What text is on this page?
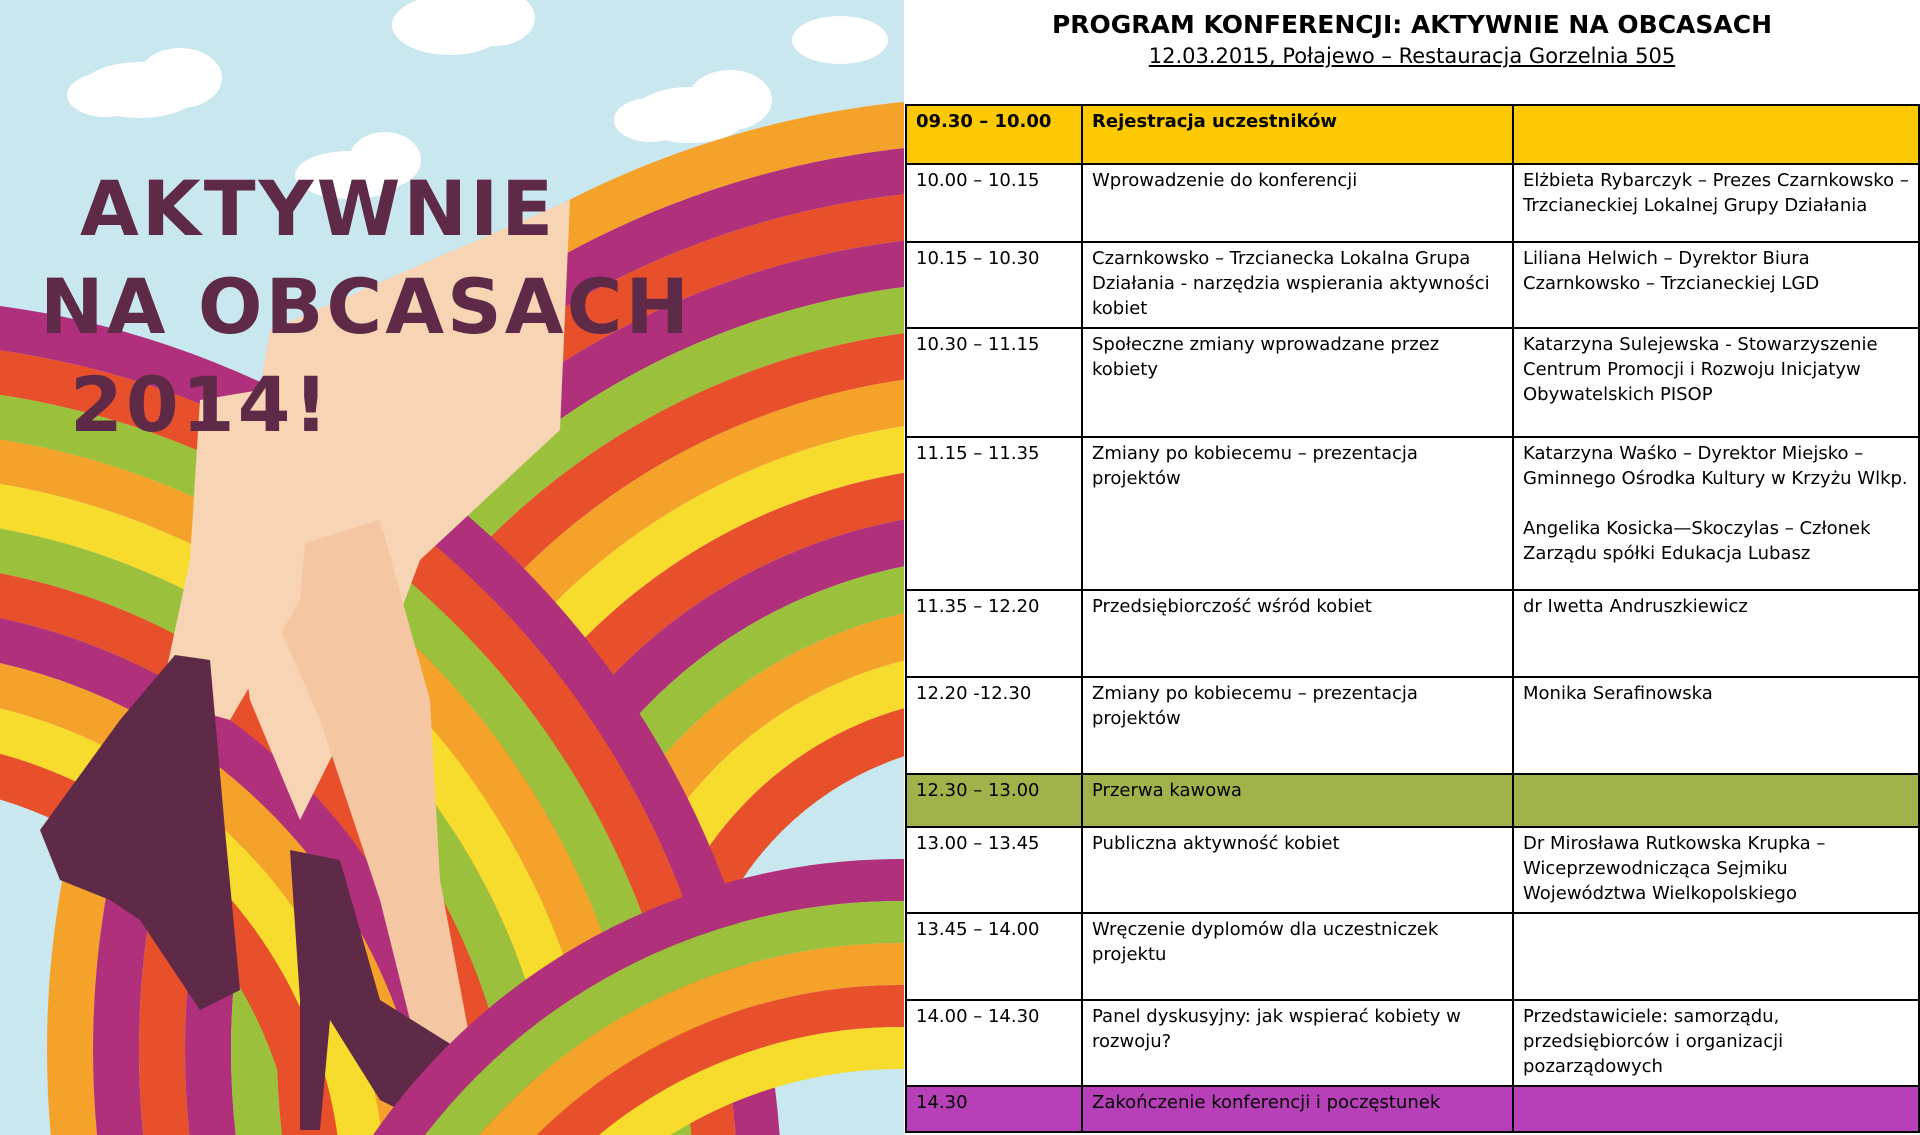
AKTYWNIE
NA OBCASACH
2014!
PROGRAM KONFERENCJI: AKTYWNIE NA OBCASACH
12.03.2015, Połajewo – Restauracja Gorzelnia 505
09.30 – 10.00	Rejestracja uczestników	
10.00 – 10.15	Wprowadzenie do konferencji	Elżbieta Rybarczyk – Prezes Czarnkowsko – Trzcianeckiej Lokalnej Grupy Działania
10.15 – 10.30	Czarnkowsko – Trzcianecka Lokalna Grupa Działania - narzędzia wspierania aktywności kobiet	Liliana Helwich – Dyrektor Biura Czarnkowsko – Trzcianeckiej LGD
10.30 – 11.15	Społeczne zmiany wprowadzane przez kobiety	Katarzyna Sulejewska - Stowarzyszenie Centrum Promocji i Rozwoju Inicjatyw Obywatelskich PISOP
11.15 – 11.35	Zmiany po kobiecemu – prezentacja projektów	Katarzyna Waśko – Dyrektor Miejsko – Gminnego Ośrodka Kultury w Krzyżu Wlkp.
Angelika Kosicka—Skoczylas – Członek Zarządu spółki Edukacja Lubasz

11.35 – 12.20	Przedsiębiorczość wśród kobiet	dr Iwetta Andruszkiewicz
12.20 -12.30	Zmiany po kobiecemu – prezentacja projektów	Monika Serafinowska
12.30 – 13.00	Przerwa kawowa	
13.00 – 13.45	Publiczna aktywność kobiet	Dr Mirosława Rutkowska Krupka – Wiceprzewodnicząca Sejmiku Województwa Wielkopolskiego
13.45 – 14.00	Wręczenie dyplomów dla uczestniczek projektu	
14.00 – 14.30	Panel dyskusyjny: jak wspierać kobiety w rozwoju?	Przedstawiciele: samorządu, przedsiębiorców i organizacji pozarządowych
14.30	Zakończenie konferencji i poczęstunek	
